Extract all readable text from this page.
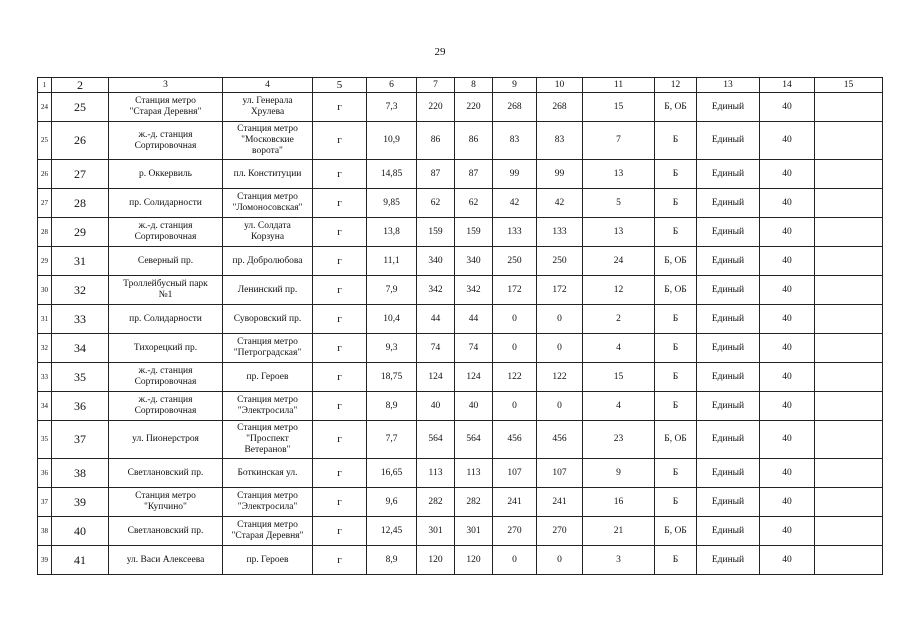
29
1	2	3	4	5	6	7	8	9	10	11	12	13	14	15
24	25	Станция метро
"Старая Деревня"	ул. Генерала
Хрулева	г	7,3	220	220	268	268	15	Б, ОБ	Единый	40	
25	26	ж.-д. станция
Сортировочная	Станция метро
"Московские
ворота"	г	10,9	86	86	83	83	7	Б	Единый	40	
26	27	р. Оккервиль	пл. Конституции	г	14,85	87	87	99	99	13	Б	Единый	40	
27	28	пр. Солидарности	Станция метро
"Ломоносовская"	г	9,85	62	62	42	42	5	Б	Единый	40	
28	29	ж.-д. станция
Сортировочная	ул. Солдата
Корзуна	г	13,8	159	159	133	133	13	Б	Единый	40	
29	31	Северный пр.	пр. Добролюбова	г	11,1	340	340	250	250	24	Б, ОБ	Единый	40	
30	32	Троллейбусный парк
№1	Ленинский пр.	г	7,9	342	342	172	172	12	Б, ОБ	Единый	40	
31	33	пр. Солидарности	Суворовский пр.	г	10,4	44	44	0	0	2	Б	Единый	40	
32	34	Тихорецкий пр.	Станция метро
"Петроградская"	г	9,3	74	74	0	0	4	Б	Единый	40	
33	35	ж.-д. станция
Сортировочная	пр. Героев	г	18,75	124	124	122	122	15	Б	Единый	40	
34	36	ж.-д. станция
Сортировочная	Станция метро
"Электросила"	г	8,9	40	40	0	0	4	Б	Единый	40	
35	37	ул. Пионерстроя	Станция метро
"Проспект
Ветеранов"	г	7,7	564	564	456	456	23	Б, ОБ	Единый	40	
36	38	Светлановский пр.	Боткинская ул.	г	16,65	113	113	107	107	9	Б	Единый	40	
37	39	Станция метро
"Купчино"	Станция метро
"Электросила"	г	9,6	282	282	241	241	16	Б	Единый	40	
38	40	Светлановский пр.	Станция метро
"Старая Деревня"	г	12,45	301	301	270	270	21	Б, ОБ	Единый	40	
39	41	ул. Васи Алексеева	пр. Героев	г	8,9	120	120	0	0	3	Б	Единый	40	
